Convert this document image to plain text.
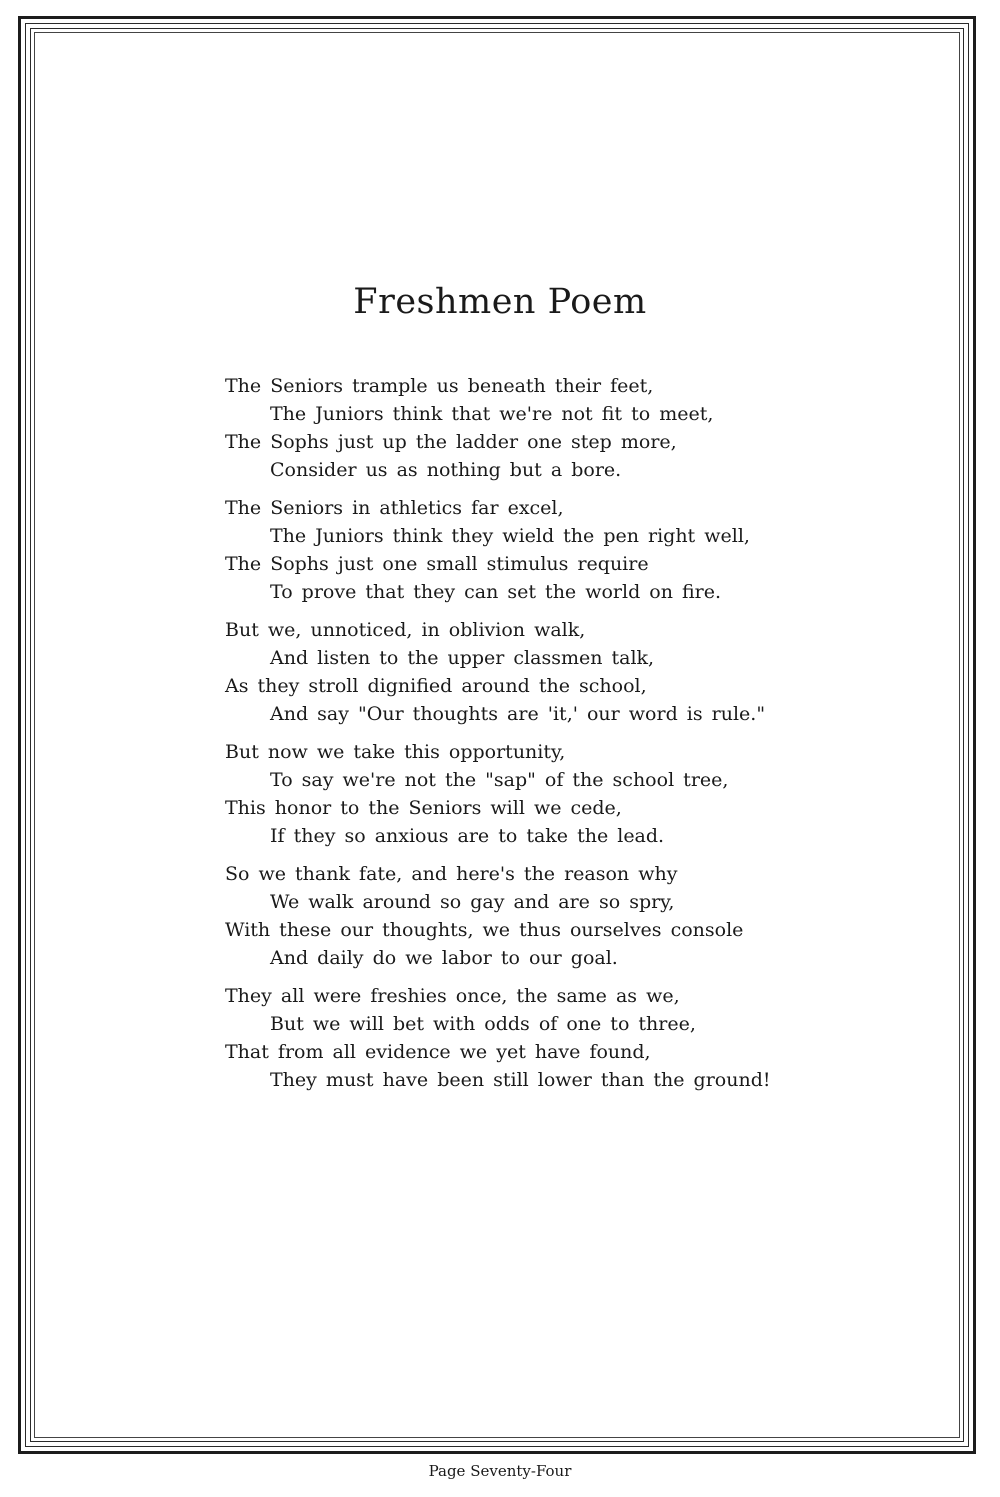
Freshmen Poem
The Seniors trample us beneath their feet,
The Juniors think that we're not fit to meet,
The Sophs just up the ladder one step more,
Consider us as nothing but a bore.
The Seniors in athletics far excel,
The Juniors think they wield the pen right well,
The Sophs just one small stimulus require
To prove that they can set the world on fire.
But we, unnoticed, in oblivion walk,
And listen to the upper classmen talk,
As they stroll dignified around the school,
And say "Our thoughts are 'it,' our word is rule."
But now we take this opportunity,
To say we're not the "sap" of the school tree,
This honor to the Seniors will we cede,
If they so anxious are to take the lead.
So we thank fate, and here's the reason why
We walk around so gay and are so spry,
With these our thoughts, we thus ourselves console
And daily do we labor to our goal.
They all were freshies once, the same as we,
But we will bet with odds of one to three,
That from all evidence we yet have found,
They must have been still lower than the ground!
Page Seventy-Four
